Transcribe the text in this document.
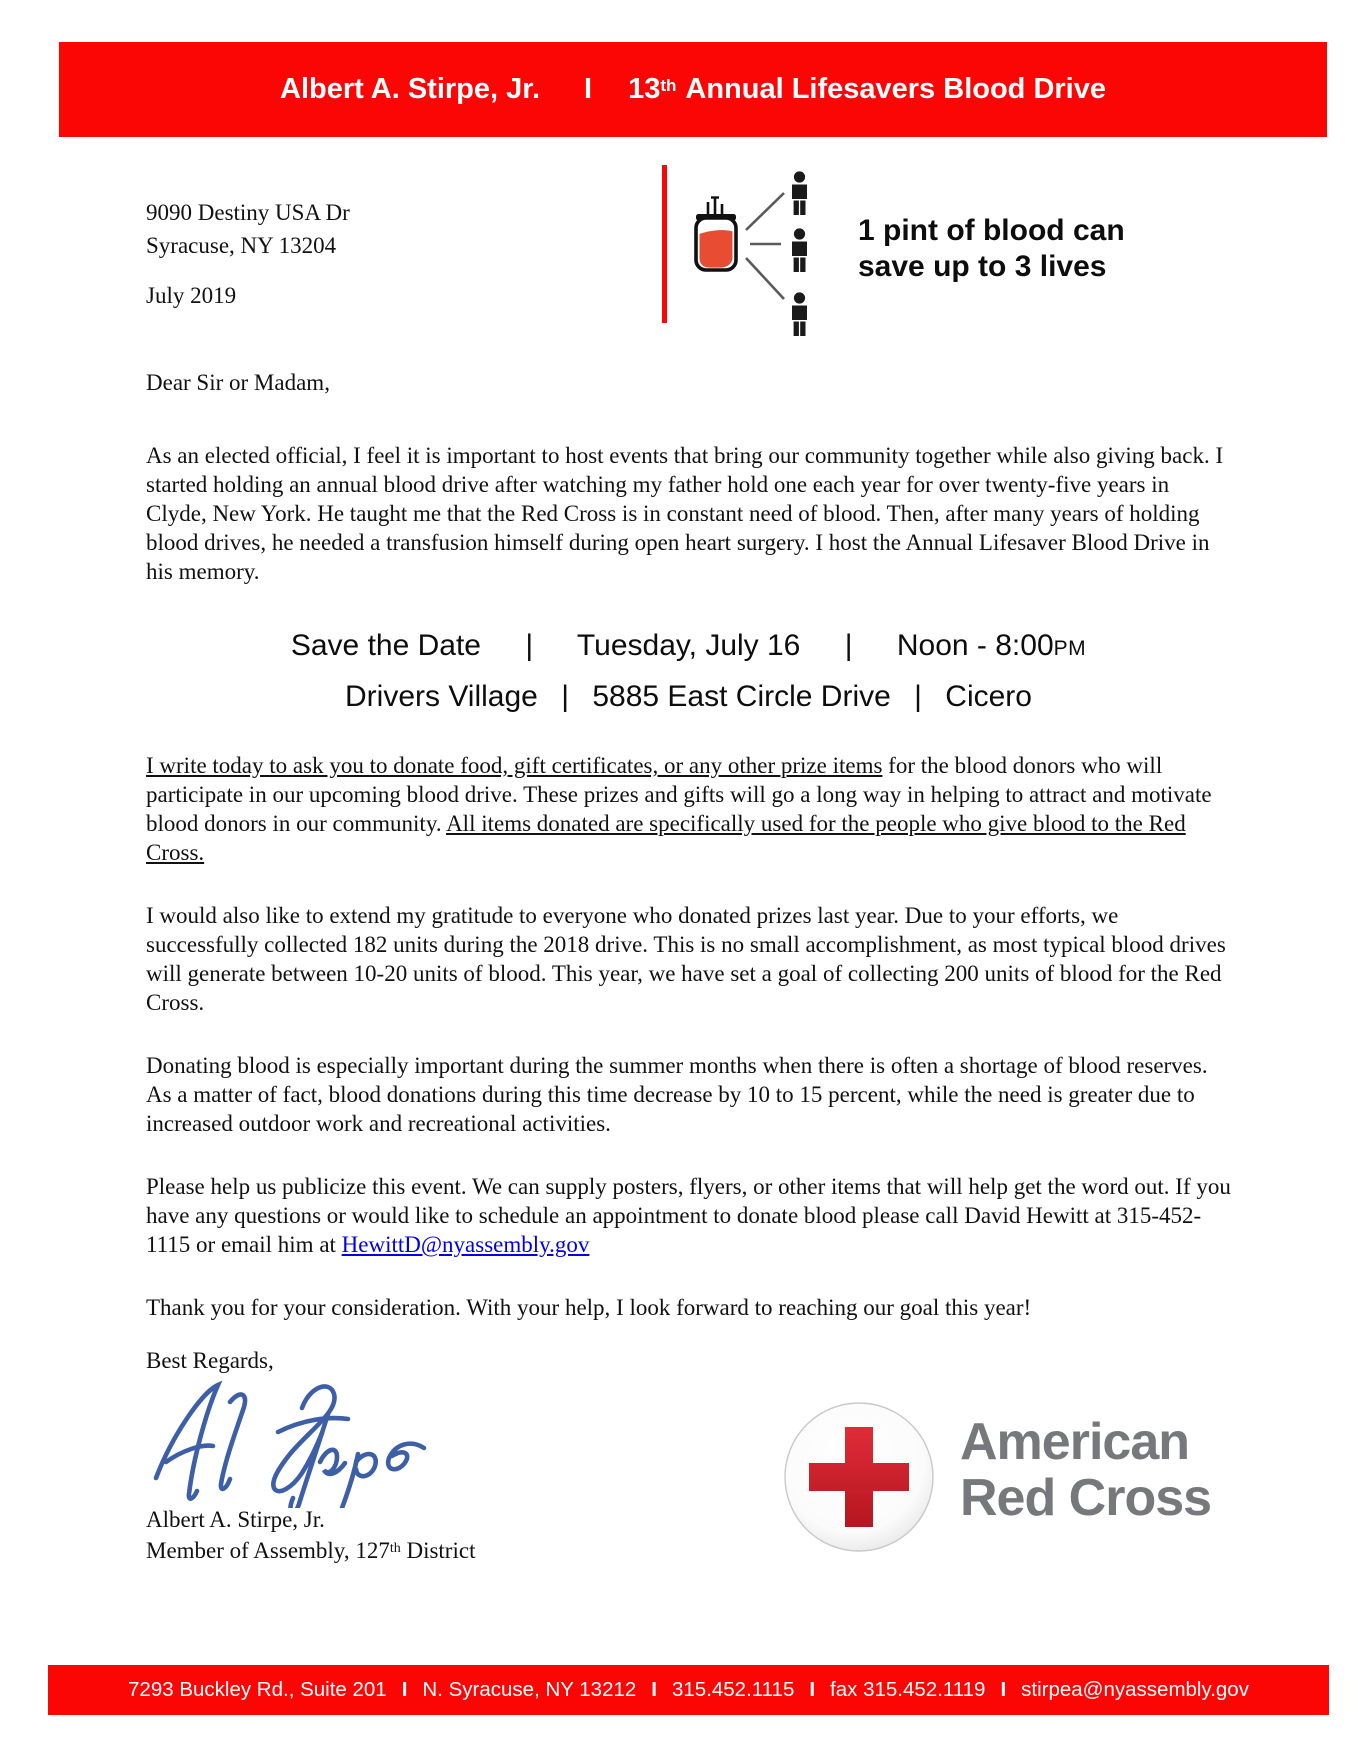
Albert A. Stirpe, Jr. I 13th Annual Lifesavers Blood Drive
9090 Destiny USA Dr
Syracuse, NY 13204
July 2019
1 pint of blood can
save up to 3 lives

Dear Sir or Madam,

As an elected official, I feel it is important to host events that bring our community together while also giving back. I started holding an annual blood drive after watching my father hold one each year for over twenty-five years in Clyde, New York. He taught me that the Red Cross is in constant need of blood. Then, after many years of holding blood drives, he needed a transfusion himself during open heart surgery. I host the Annual Lifesaver Blood Drive in his memory.

Save the Date | Tuesday, July 16 | Noon - 8:00PM
Drivers Village | 5885 East Circle Drive | Cicero

I write today to ask you to donate food, gift certificates, or any other prize items for the blood donors who will participate in our upcoming blood drive. These prizes and gifts will go a long way in helping to attract and motivate blood donors in our community. All items donated are specifically used for the people who give blood to the Red Cross.

I would also like to extend my gratitude to everyone who donated prizes last year. Due to your efforts, we successfully collected 182 units during the 2018 drive. This is no small accomplishment, as most typical blood drives will generate between 10-20 units of blood. This year, we have set a goal of collecting 200 units of blood for the Red Cross.

Donating blood is especially important during the summer months when there is often a shortage of blood reserves. As a matter of fact, blood donations during this time decrease by 10 to 15 percent, while the need is greater due to increased outdoor work and recreational activities.

Please help us publicize this event. We can supply posters, flyers, or other items that will help get the word out. If you have any questions or would like to schedule an appointment to donate blood please call David Hewitt at 315-452-1115 or email him at HewittD@nyassembly.gov

Thank you for your consideration. With your help, I look forward to reaching our goal this year!

Best Regards,
Albert A. Stirpe, Jr.
Member of Assembly, 127th District
American
Red Cross
7293 Buckley Rd., Suite 201 I N. Syracuse, NY 13212 I 315.452.1115 I fax 315.452.1119 I stirpea@nyassembly.gov
